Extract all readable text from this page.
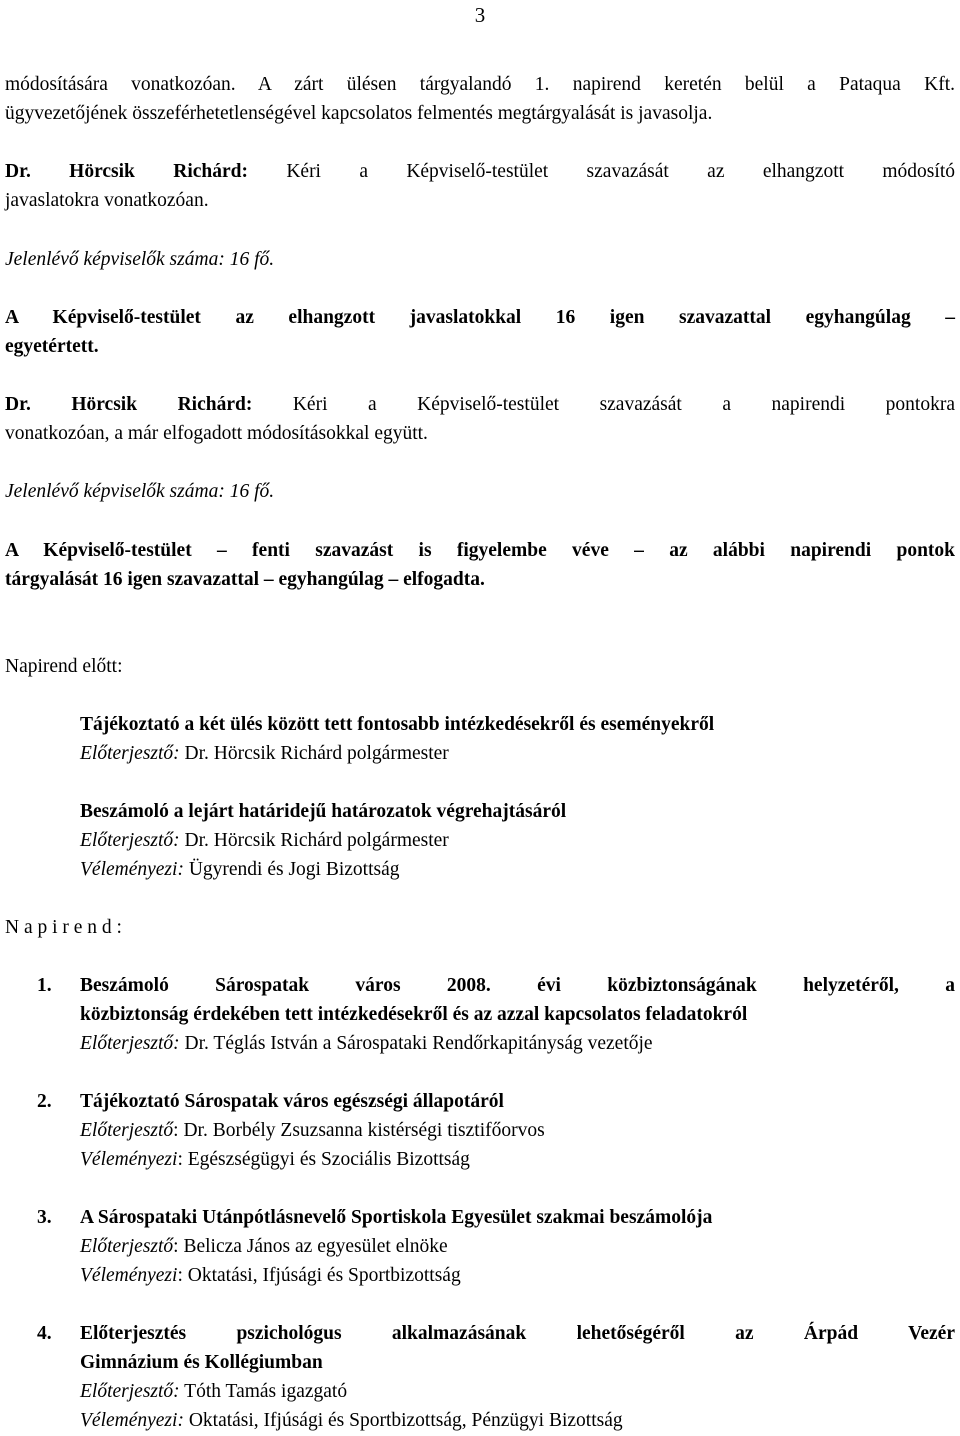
3
módosítására vonatkozóan. A zárt ülésen tárgyalandó 1. napirend keretén belül a Pataqua Kft.
ügyvezetőjének összeférhetetlenségével kapcsolatos felmentés megtárgyalását is javasolja.
Dr. Hörcsik Richárd: Kéri a Képviselő-testület szavazását az elhangzott módosító
javaslatokra vonatkozóan.
Jelenlévő képviselők száma: 16 fő.
A Képviselő-testület az elhangzott javaslatokkal 16 igen szavazattal egyhangúlag –
egyetértett.
Dr. Hörcsik Richárd: Kéri a Képviselő-testület szavazását a napirendi pontokra
vonatkozóan, a már elfogadott módosításokkal együtt.
Jelenlévő képviselők száma: 16 fő.
A Képviselő-testület – fenti szavazást is figyelembe véve – az alábbi napirendi pontok
tárgyalását 16 igen szavazattal – egyhangúlag – elfogadta.
Napirend előtt:
Tájékoztató a két ülés között tett fontosabb intézkedésekről és eseményekről
Előterjesztő: Dr. Hörcsik Richárd polgármester
Beszámoló a lejárt határidejű határozatok végrehajtásáról
Előterjesztő: Dr. Hörcsik Richárd polgármester
Véleményezi: Ügyrendi és Jogi Bizottság
N a p i r e n d :
1. Beszámoló Sárospatak város 2008. évi közbiztonságának helyzetéről, a
közbiztonság érdekében tett intézkedésekről és az azzal kapcsolatos feladatokról
Előterjesztő: Dr. Téglás István a Sárospataki Rendőrkapitányság vezetője
2. Tájékoztató Sárospatak város egészségi állapotáról
Előterjesztő: Dr. Borbély Zsuzsanna kistérségi tisztifőorvos
Véleményezi: Egészségügyi és Szociális Bizottság
3. A Sárospataki Utánpótlásnevelő Sportiskola Egyesület szakmai beszámolója
Előterjesztő: Belicza János az egyesület elnöke
Véleményezi: Oktatási, Ifjúsági és Sportbizottság
4. Előterjesztés pszichológus alkalmazásának lehetőségéről az Árpád Vezér
Gimnázium és Kollégiumban
Előterjesztő: Tóth Tamás igazgató
Véleményezi: Oktatási, Ifjúsági és Sportbizottság, Pénzügyi Bizottság
